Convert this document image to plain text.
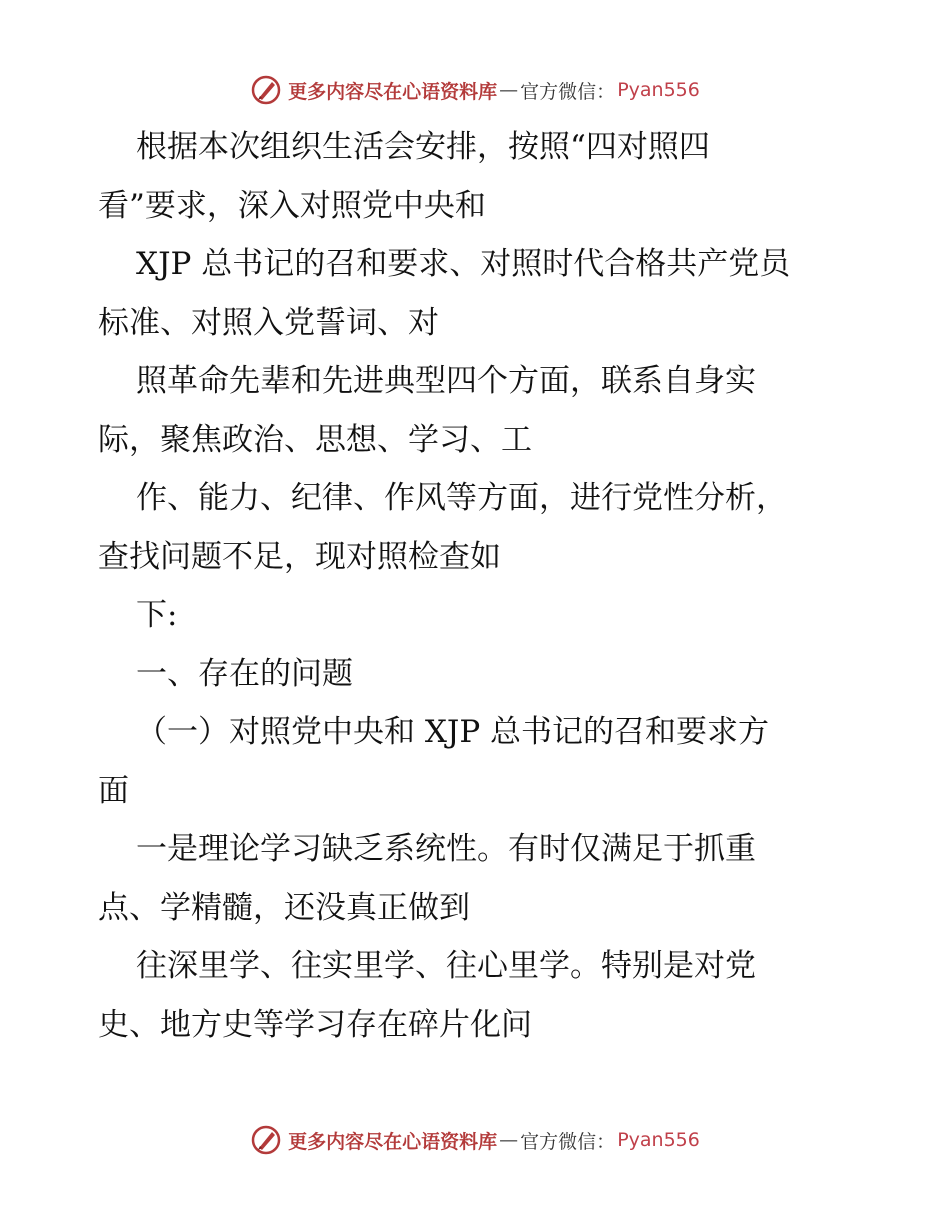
更多内容尽在心语资料库 — 官方微信： Pyan556
根据本次组织生活会安排，按照“四对照四
看”要求，深入对照党中央和
XJP 总书记的召和要求、对照时代合格共产党员
标准、对照入党誓词、对
照革命先辈和先进典型四个方面，联系自身实
际，聚焦政治、思想、学习、工
作、能力、纪律、作风等方面，进行党性分析，
查找问题不足，现对照检查如
下:
一、存在的问题
（一）对照党中央和 XJP 总书记的召和要求方
面
一是理论学习缺乏系统性。有时仅满足于抓重
点、学精髓，还没真正做到
往深里学、往实里学、往心里学。特别是对党
史、地方史等学习存在碎片化问
更多内容尽在心语资料库 — 官方微信： Pyan556
